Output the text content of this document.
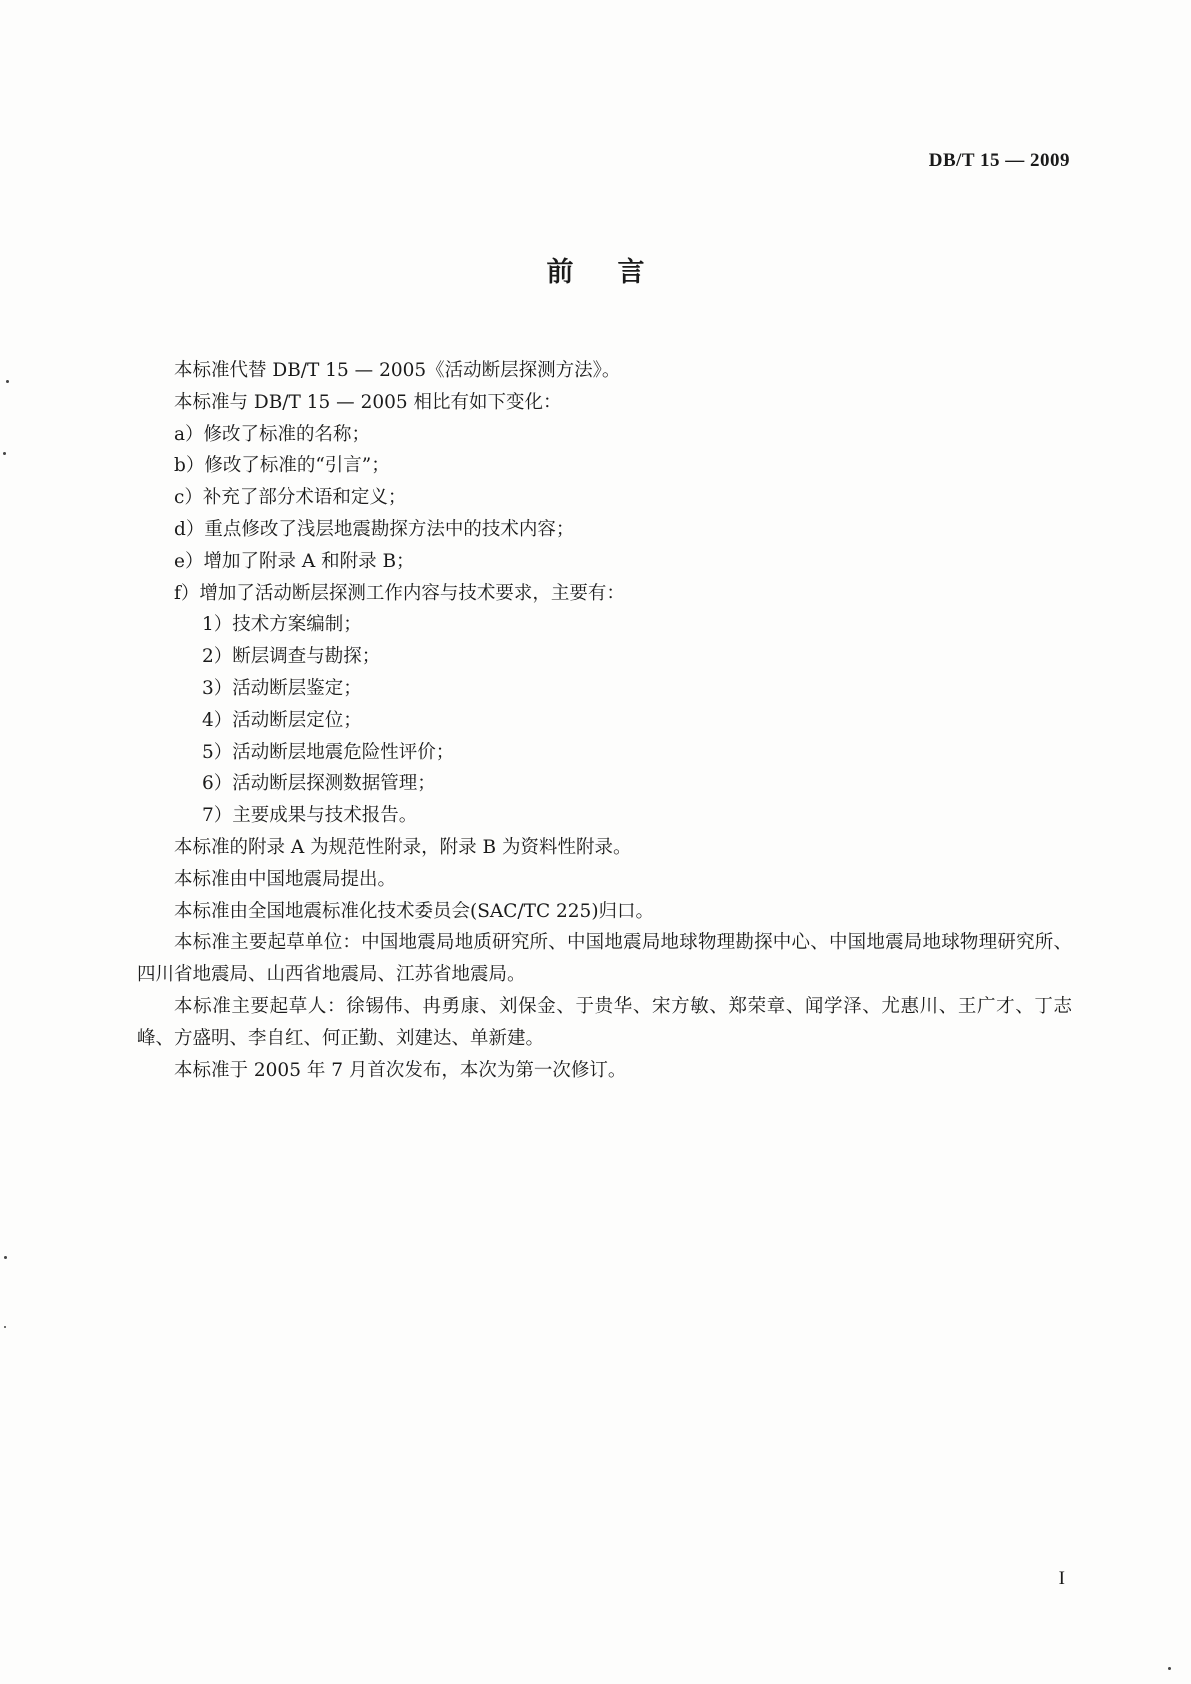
DB/T 15 — 2009
前言

本标准代替 DB/T 15 — 2005《活动断层探测方法》。

本标准与 DB/T 15 — 2005 相比有如下变化：

a）修改了标准的名称；

b）修改了标准的“引言”；

c）补充了部分术语和定义；

d）重点修改了浅层地震勘探方法中的技术内容；

e）增加了附录 A 和附录 B；

f）增加了活动断层探测工作内容与技术要求，主要有：

1）技术方案编制；

2）断层调查与勘探；

3）活动断层鉴定；

4）活动断层定位；

5）活动断层地震危险性评价；

6）活动断层探测数据管理；

7）主要成果与技术报告。

本标准的附录 A 为规范性附录，附录 B 为资料性附录。

本标准由中国地震局提出。

本标准由全国地震标准化技术委员会(SAC/TC 225)归口。

本标准主要起草单位：中国地震局地质研究所、中国地震局地球物理勘探中心、中国地震局地球物理研究所、四川省地震局、山西省地震局、江苏省地震局。

本标准主要起草人：徐锡伟、冉勇康、刘保金、于贵华、宋方敏、郑荣章、闻学泽、尤惠川、王广才、丁志峰、方盛明、李自红、何正勤、刘建达、单新建。

本标准于 2005 年 7 月首次发布，本次为第一次修订。

I
